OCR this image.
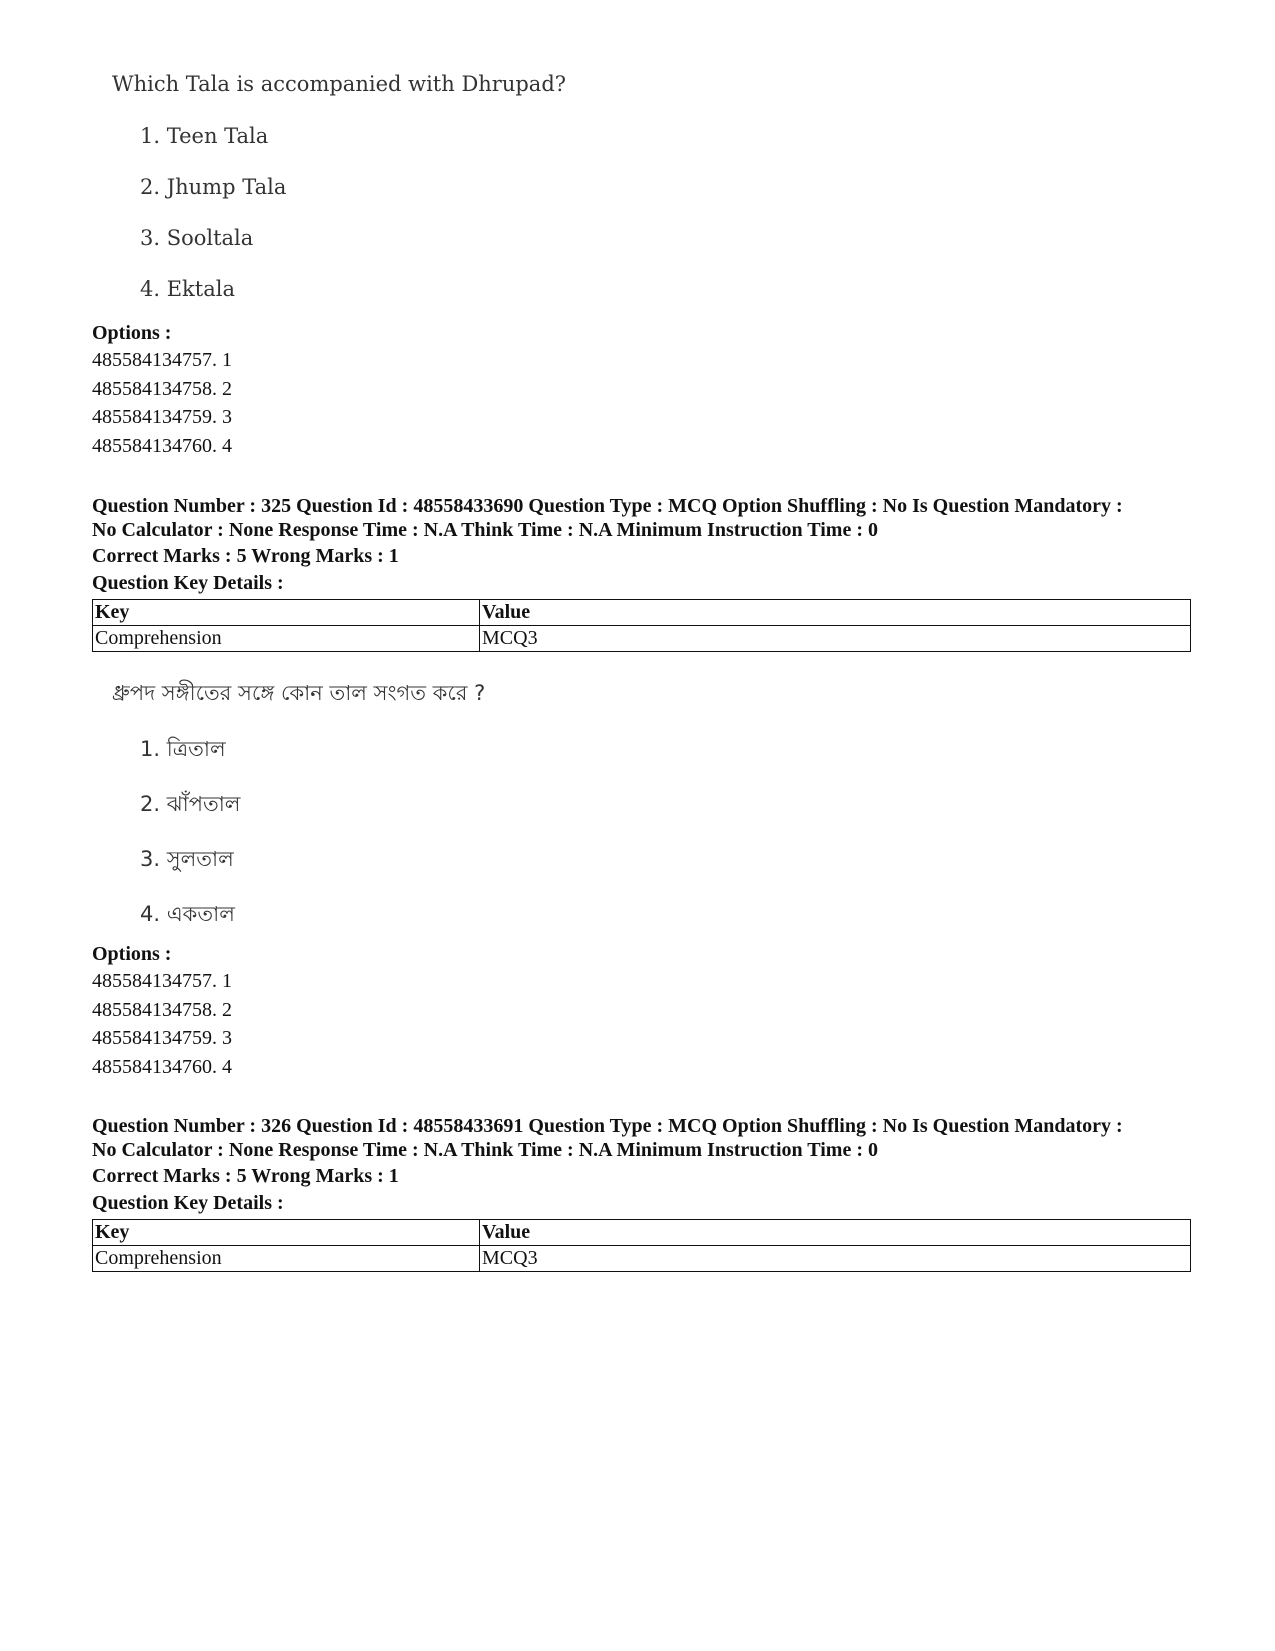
Which Tala is accompanied with Dhrupad?
1. Teen Tala
2. Jhump Tala
3. Sooltala
4. Ektala
Options :
485584134757. 1
485584134758. 2
485584134759. 3
485584134760. 4
Question Number : 325 Question Id : 48558433690 Question Type : MCQ Option Shuffling : No Is Question Mandatory :
No Calculator : None Response Time : N.A Think Time : N.A Minimum Instruction Time : 0
Correct Marks : 5 Wrong Marks : 1
Question Key Details :
Key	Value
Comprehension	MCQ3
ধ্রুপদ সঙ্গীতের সঙ্গে কোন তাল সংগত করে ?
1. ত্রিতাল
2. ঝাঁপতাল
3. সুলতাল
4. একতাল
Options :
485584134757. 1
485584134758. 2
485584134759. 3
485584134760. 4
Question Number : 326 Question Id : 48558433691 Question Type : MCQ Option Shuffling : No Is Question Mandatory :
No Calculator : None Response Time : N.A Think Time : N.A Minimum Instruction Time : 0
Correct Marks : 5 Wrong Marks : 1
Question Key Details :
Key	Value
Comprehension	MCQ3
